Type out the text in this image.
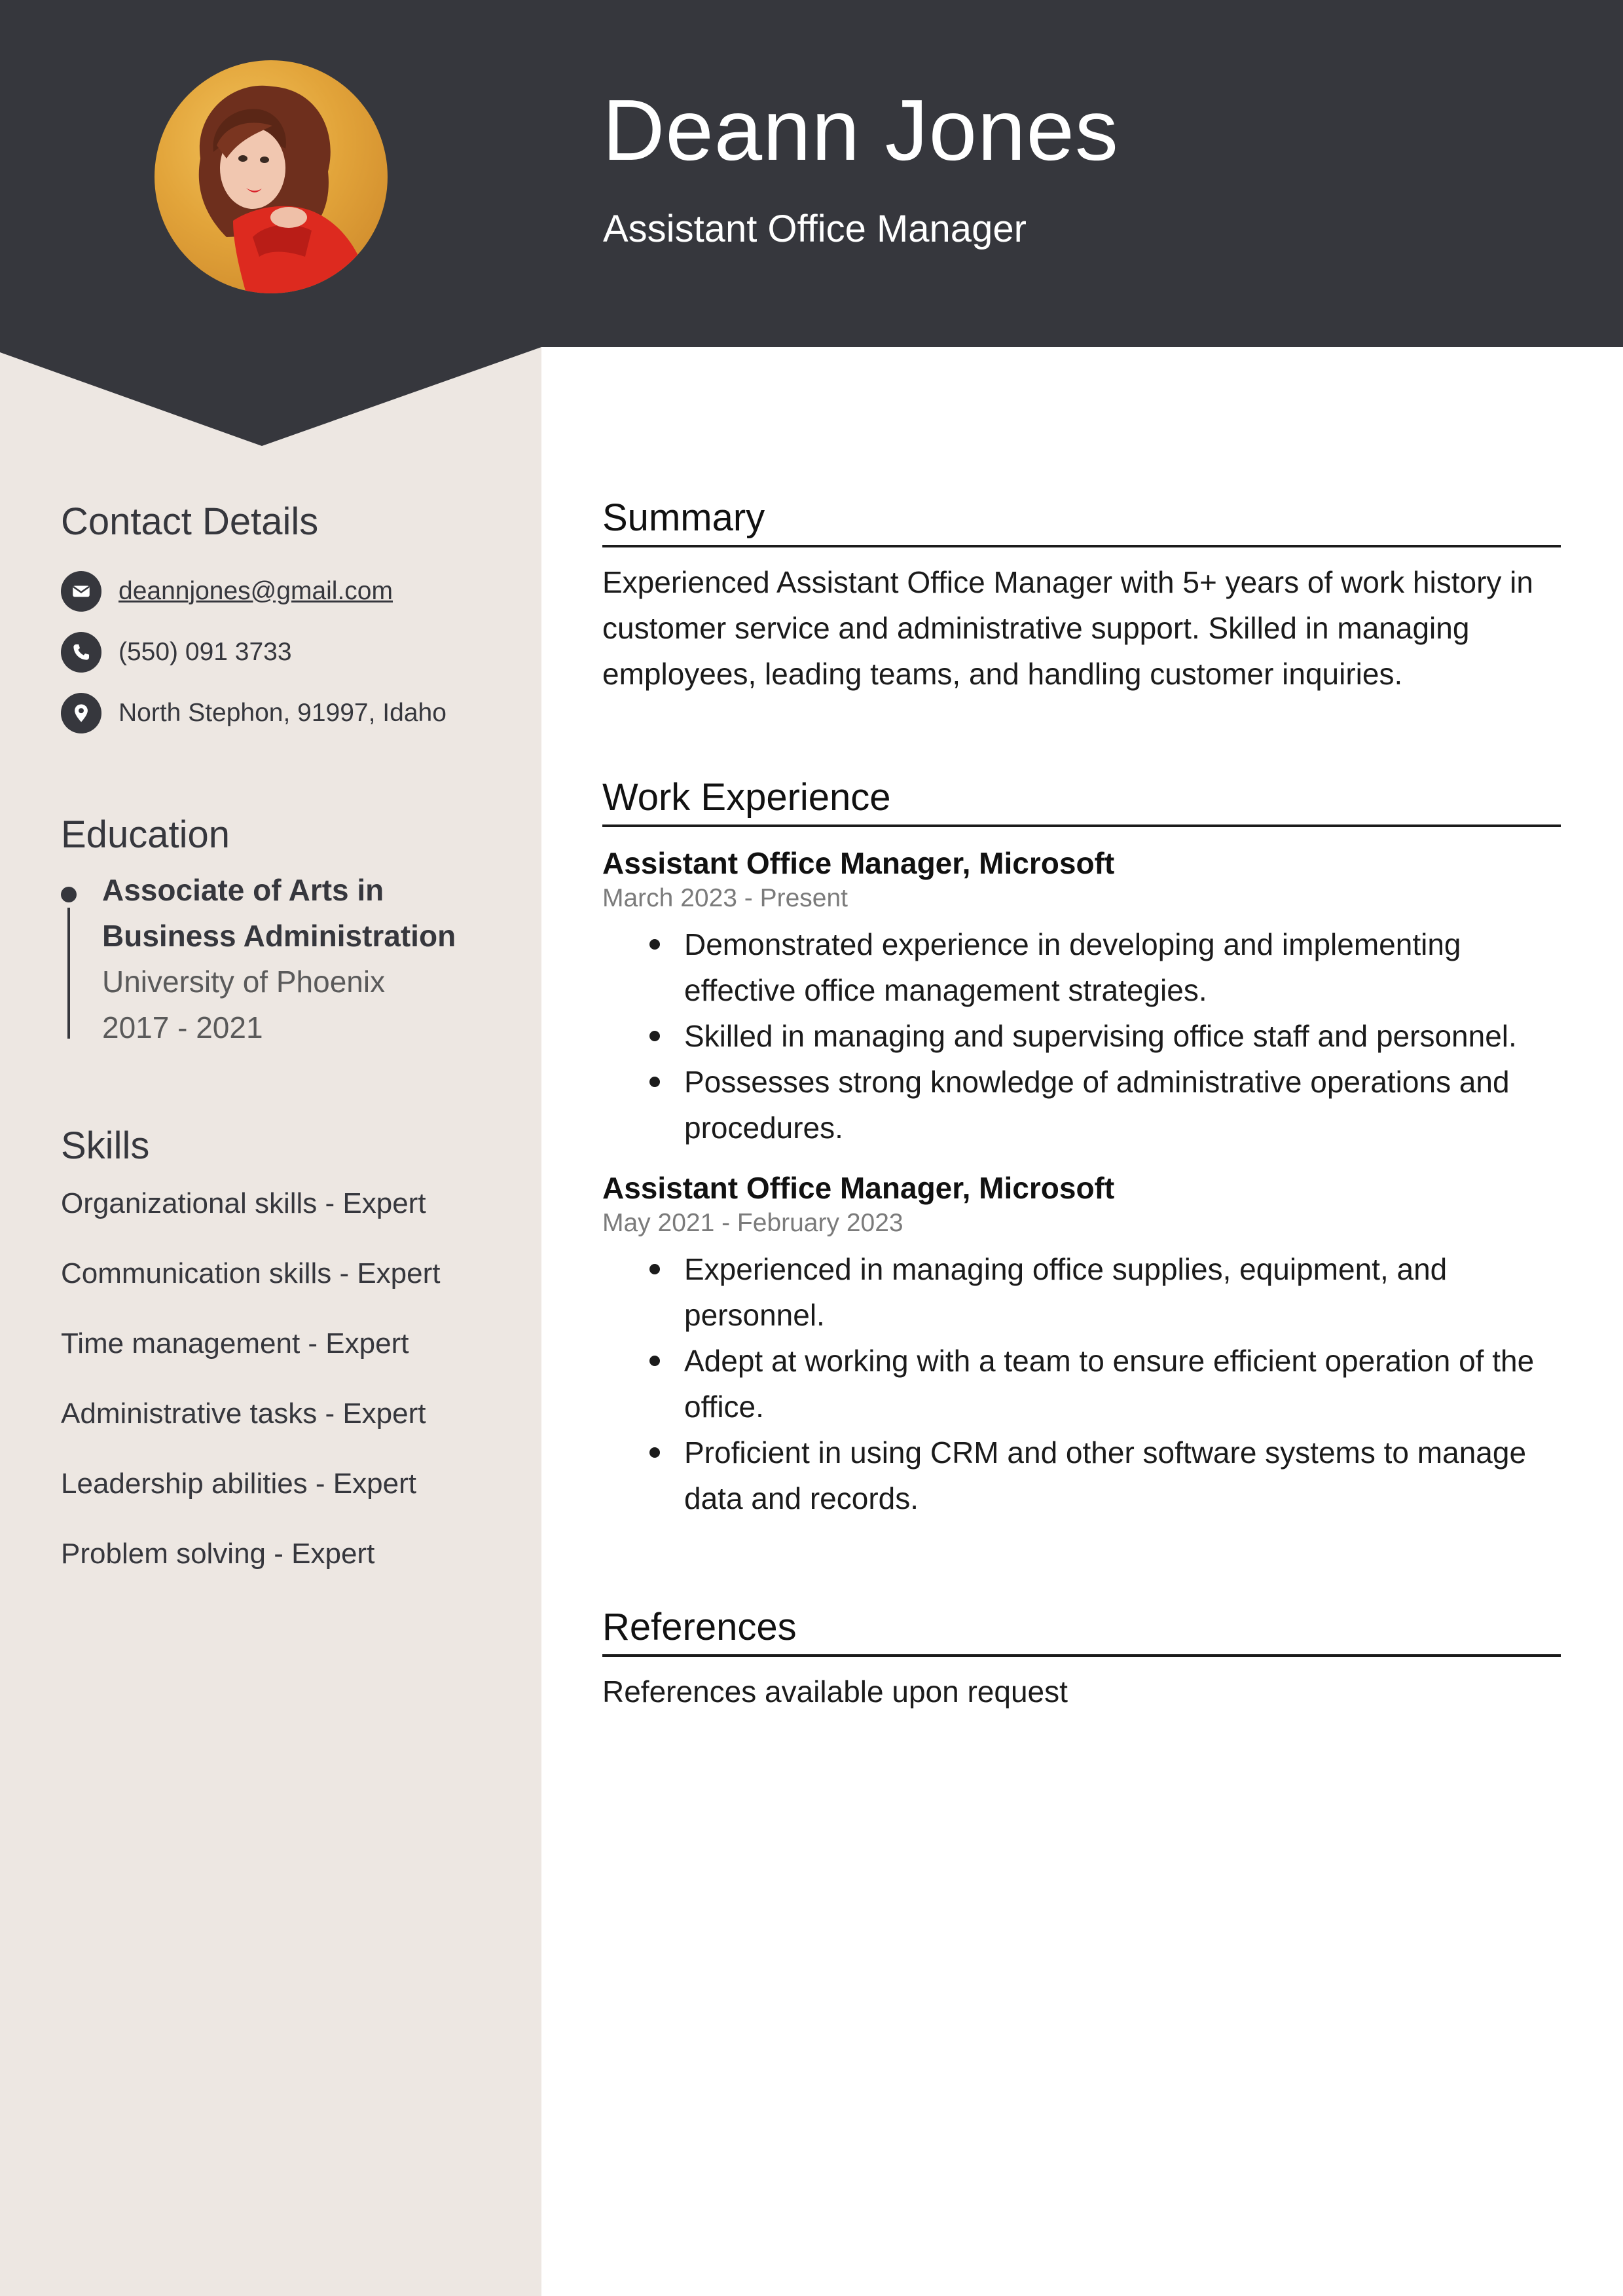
Deann Jones
Assistant Office Manager
Contact Details
deannjones@gmail.com
(550) 091 3733
North Stephon, 91997, Idaho
Education

Associate of Arts in

Business Administration

University of Phoenix

2017 - 2021

Skills
Organizational skills - Expert
Communication skills - Expert
Time management - Expert
Administrative tasks - Expert
Leadership abilities - Expert
Problem solving - Expert
Summary

Experienced Assistant Office Manager with 5+ years of work history in

customer service and administrative support. Skilled in managing

employees, leading teams, and handling customer inquiries.

Work Experience

Assistant Office Manager, Microsoft

March 2023 - Present

Demonstrated experience in developing and implementing
effective office management strategies.
Skilled in managing and supervising office staff and personnel.
Possesses strong knowledge of administrative operations and
procedures.

Assistant Office Manager, Microsoft

May 2021 - February 2023

Experienced in managing office supplies, equipment, and
personnel.
Adept at working with a team to ensure efficient operation of the
office.
Proficient in using CRM and other software systems to manage
data and records.
References

References available upon request
